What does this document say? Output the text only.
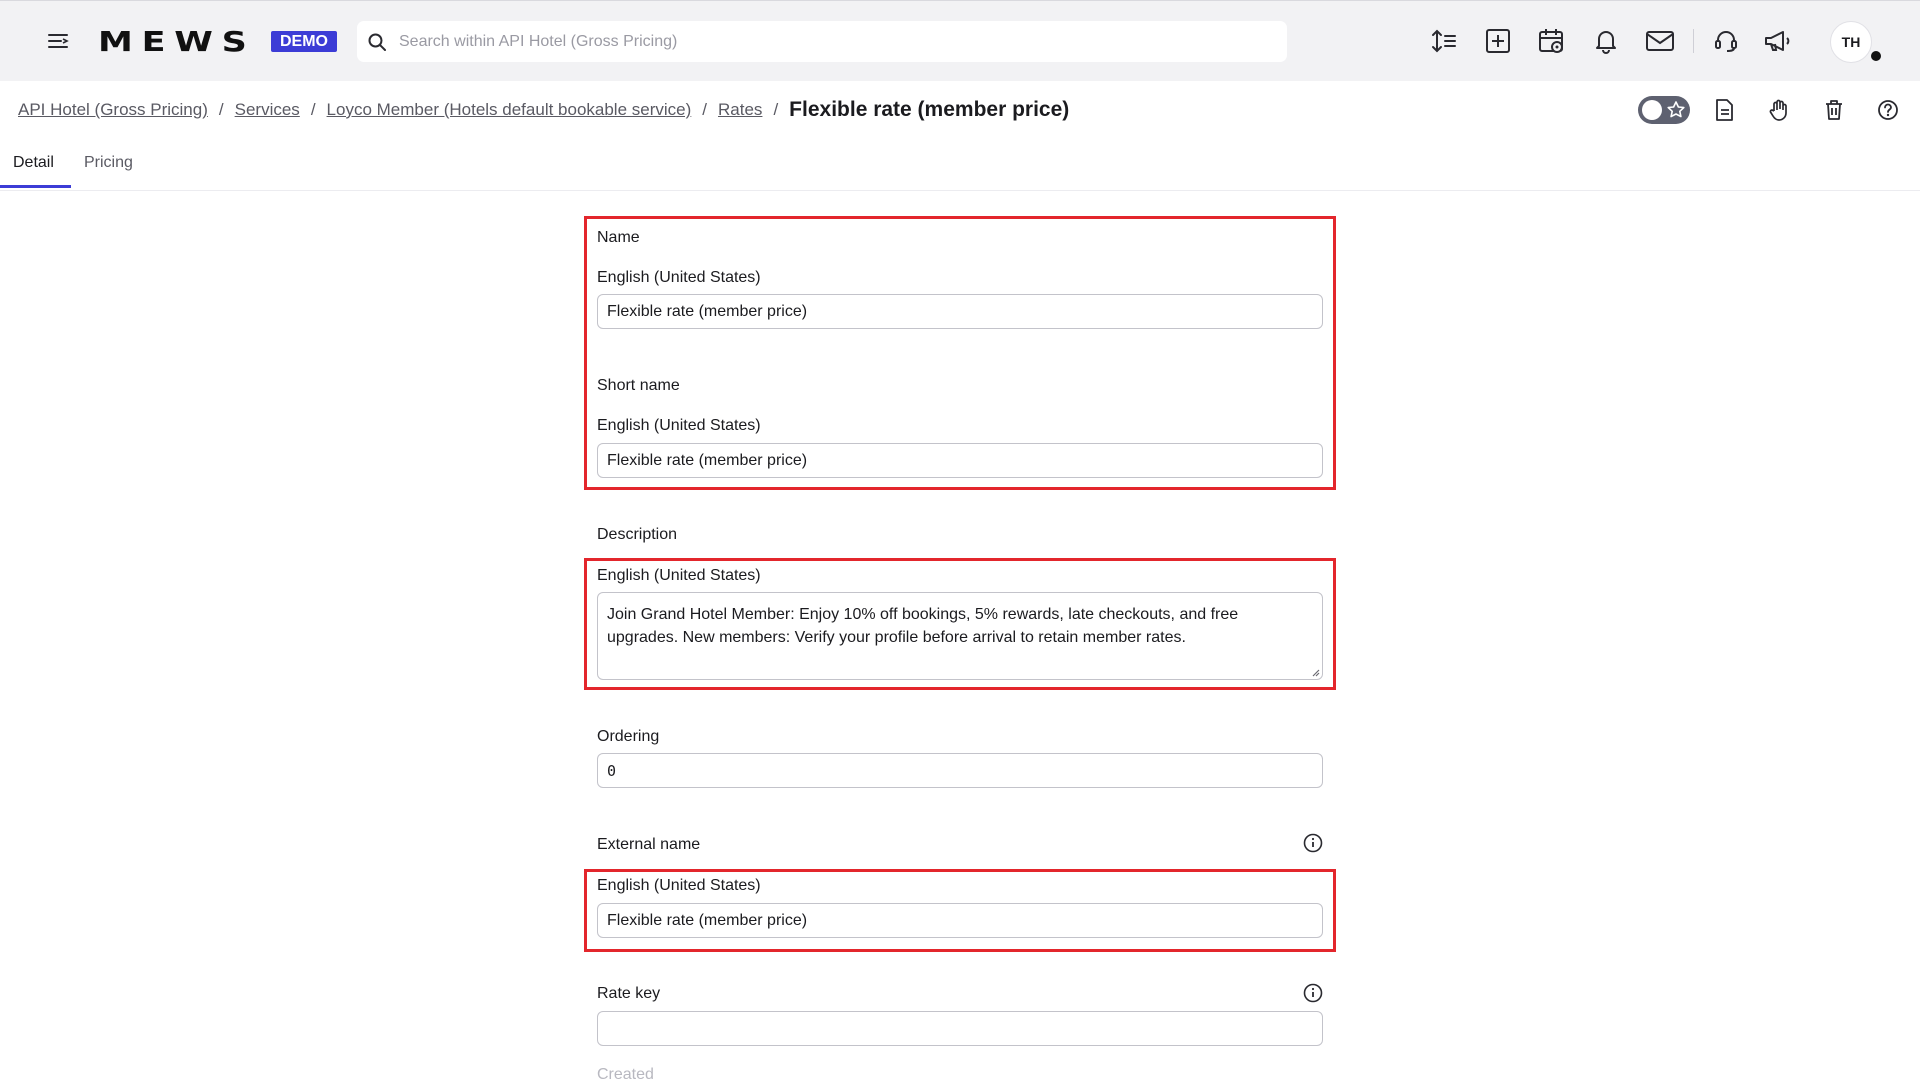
MEWS	DEMO
Search within API Hotel (Gross Pricing)	TH
API Hotel (Gross Pricing) / Services / Loyco Member (Hotels default bookable service) / Rates / Flexible rate (member price)
Detail Pricing
Name
English (United States)
Flexible rate (member price)
Short name
English (United States)
Flexible rate (member price)
Description
English (United States)
Join Grand Hotel Member: Enjoy 10% off bookings, 5% rewards, late checkouts, and free upgrades. New members: Verify your profile before arrival to retain member rates.
Ordering
0
External name
English (United States)
Flexible rate (member price)
Rate key
Created
